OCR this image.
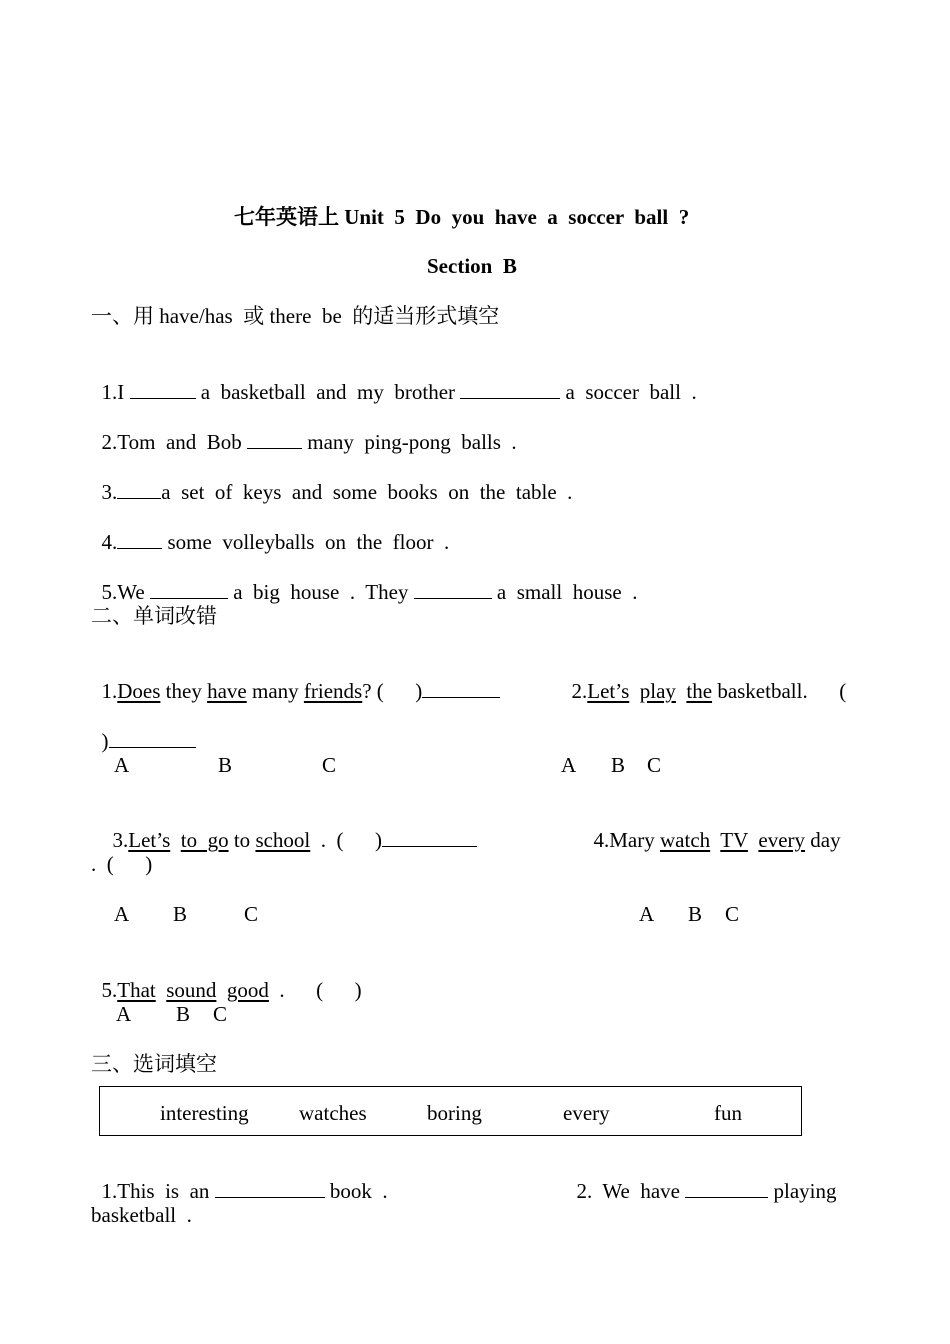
七年英语上 Unit  5  Do  you  have  a  soccer  ball  ?
Section  B
一、用 have/has  或 there  be  的适当形式填空

1.I	a  basketball  and  my  brother	a  soccer  ball  .

2.Tom  and  Bob	many  ping-pong  balls  .

3. a  set  of  keys  and  some  books  on  the  table  .

4. some  volleyballs  on  the  floor  .

5.We	a  big  house  .  They	a  small  house  .

二、单词改错

1.Does they have many friends? (      )	2.Let’s play the basketball.      (

)

A	B	C	A B C

3.Let’s to  go to school  .  (      )	4.Mary watch TV every day

.  (      )
A B	C	A B C

5.That sound good  .      (      )

A B C
三、选词填空
interesting watches	boring	every	fun

1.This  is  an	book  .	2.  We  have	playing

basketball  .
